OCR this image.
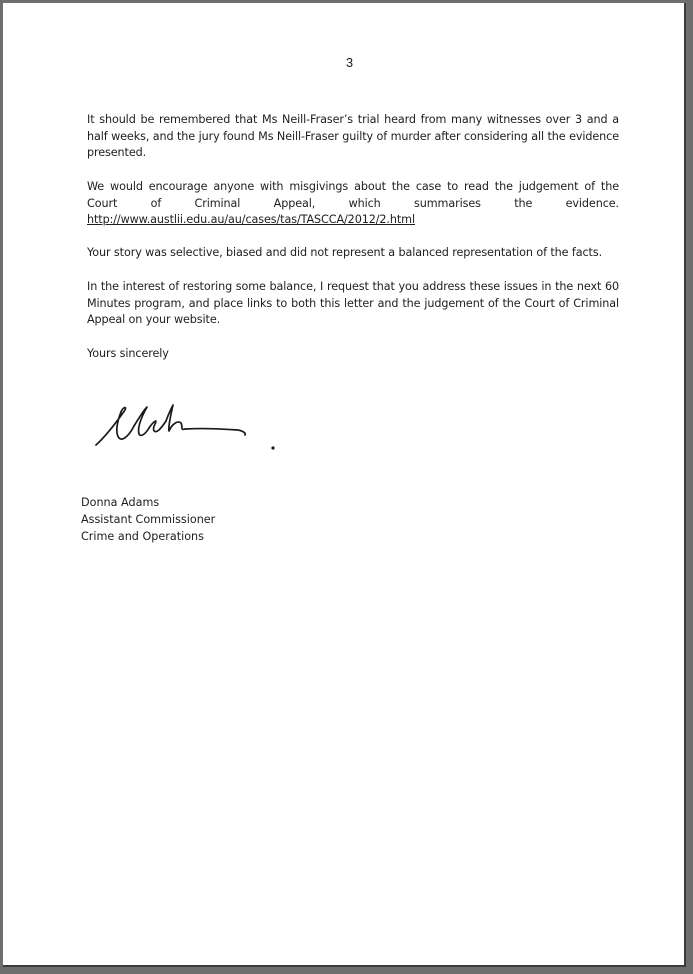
3

It should be remembered that Ms Neill-Fraser’s trial heard from many witnesses over 3 and a half weeks, and the jury found Ms Neill-Fraser guilty of murder after considering all the evidence presented.

We would encourage anyone with misgivings about the case to read the judgement of the
Court of Criminal Appeal, which summarises the evidence.
http://www.austlii.edu.au/au/cases/tas/TASCCA/2012/2.html

Your story was selective, biased and did not represent a balanced representation of the facts.

In the interest of restoring some balance, I request that you address these issues in the next 60 Minutes program, and place links to both this letter and the judgement of the Court of Criminal Appeal on your website.

Yours sincerely

Donna Adams
Assistant Commissioner
Crime and Operations
